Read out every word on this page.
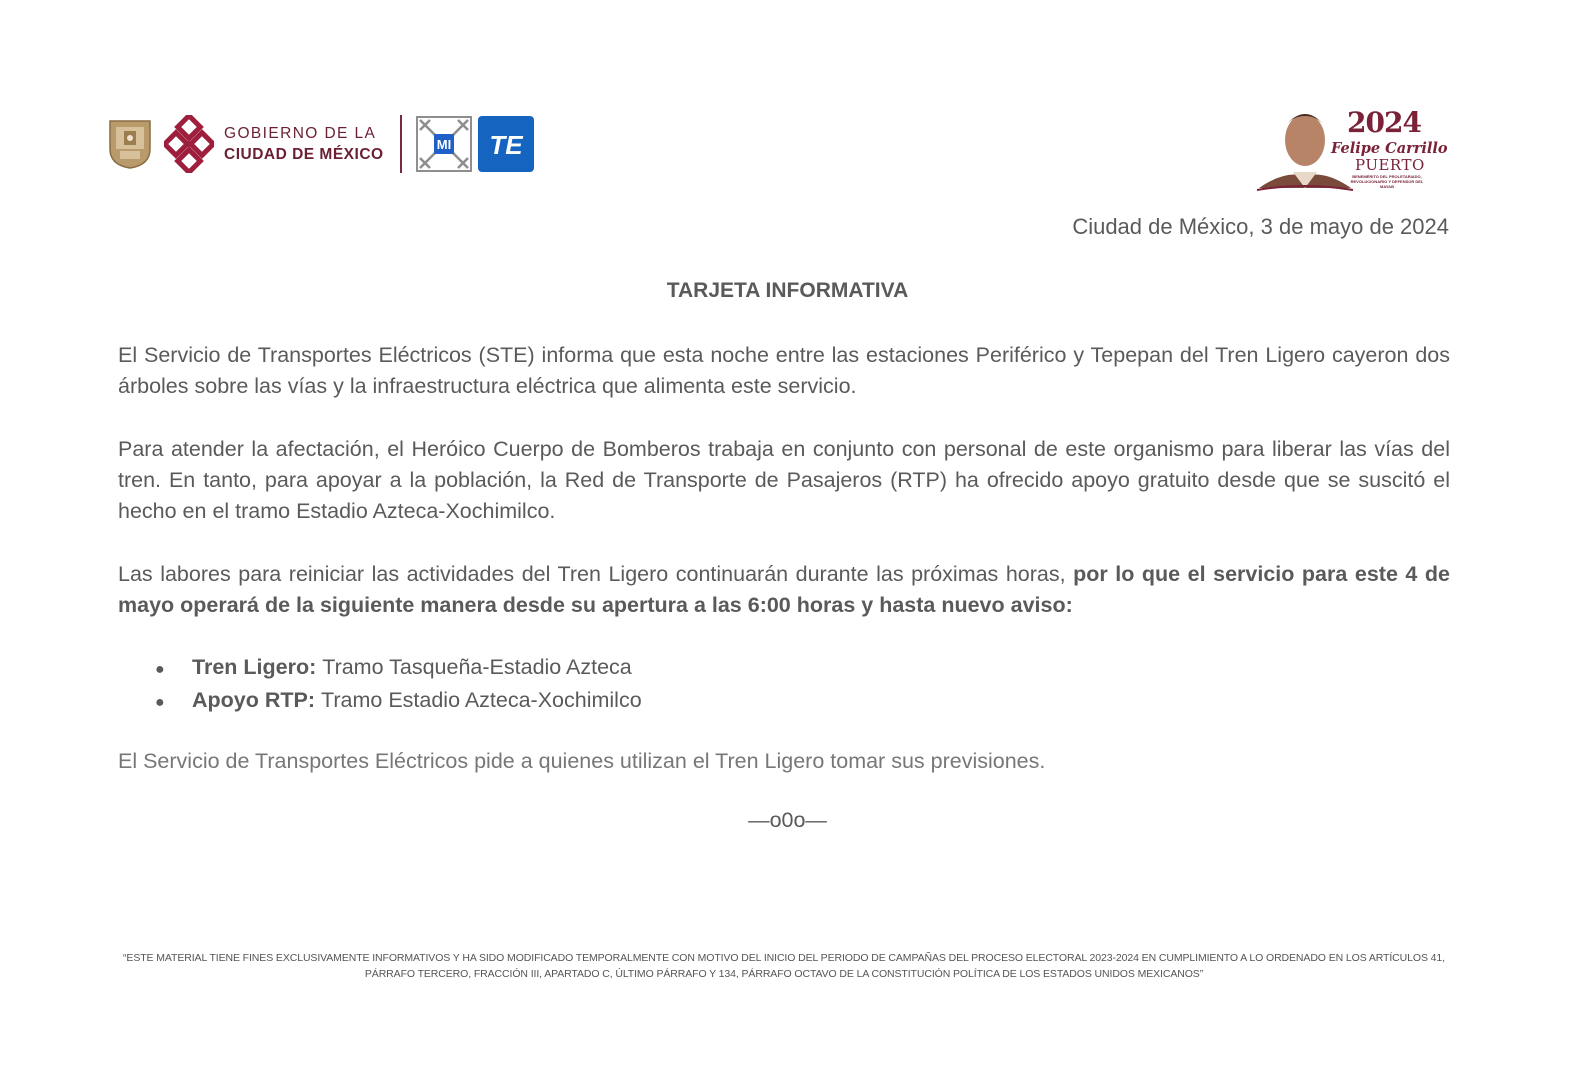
GOBIERNO DE LA
CIUDAD DE MÉXICO
MI TE
2024
Felipe Carrillo
PUERTO
BENEMÉRITO DEL PROLETARIADO, REVOLUCIONARIO Y DEFENSOR DEL MAYAB
Ciudad de México, 3 de mayo de 2024
TARJETA INFORMATIVA

El Servicio de Transportes Eléctricos (STE) informa que esta noche entre las estaciones Periférico y Tepepan del Tren Ligero cayeron dos árboles sobre las vías y la infraestructura eléctrica que alimenta este servicio.

Para atender la afectación, el Heróico Cuerpo de Bomberos trabaja en conjunto con personal de este organismo para liberar las vías del tren. En tanto, para apoyar a la población, la Red de Transporte de Pasajeros (RTP) ha ofrecido apoyo gratuito desde que se suscitó el hecho en el tramo Estadio Azteca-Xochimilco.

Las labores para reiniciar las actividades del Tren Ligero continuarán durante las próximas horas, por lo que el servicio para este 4 de mayo operará de la siguiente manera desde su apertura a las 6:00 horas y hasta nuevo aviso:

●	Tren Ligero: Tramo Tasqueña-Estadio Azteca
●	Apoyo RTP: Tramo Estadio Azteca-Xochimilco
El Servicio de Transportes Eléctricos pide a quienes utilizan el Tren Ligero tomar sus previsiones.
—o0o—
“ESTE MATERIAL TIENE FINES EXCLUSIVAMENTE INFORMATIVOS Y HA SIDO MODIFICADO TEMPORALMENTE CON MOTIVO DEL INICIO DEL PERIODO DE CAMPAÑAS DEL PROCESO ELECTORAL 2023-2024 EN CUMPLIMIENTO A LO ORDENADO EN LOS ARTÍCULOS 41, PÁRRAFO TERCERO, FRACCIÓN III, APARTADO C, ÚLTIMO PÁRRAFO Y 134, PÁRRAFO OCTAVO DE LA CONSTITUCIÓN POLÍTICA DE LOS ESTADOS UNIDOS MEXICANOS”
